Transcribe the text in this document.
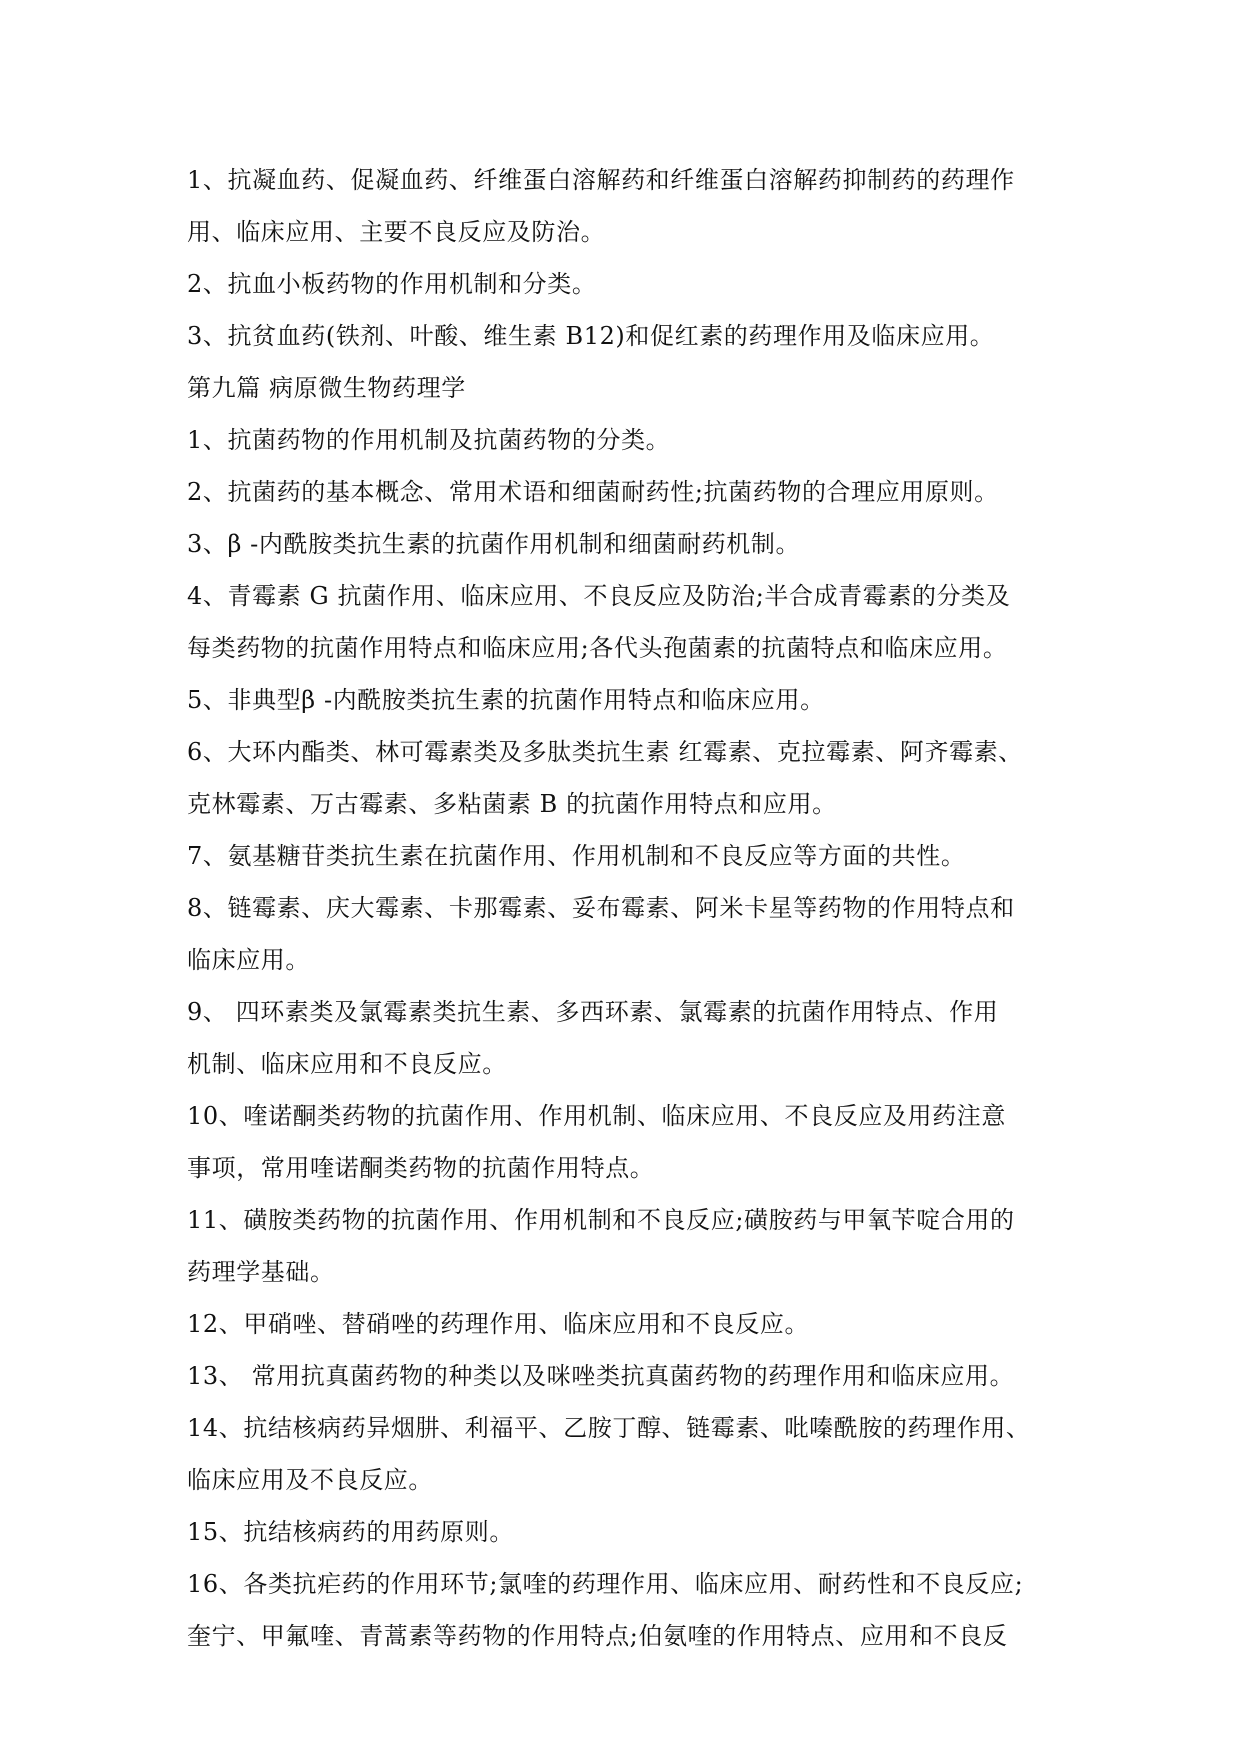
1、抗凝血药、促凝血药、纤维蛋白溶解药和纤维蛋白溶解药抑制药的药理作
用、临床应用、主要不良反应及防治。
2、抗血小板药物的作用机制和分类。
3、抗贫血药(铁剂、叶酸、维生素 B12)和促红素的药理作用及临床应用。
第九篇 病原微生物药理学
1、抗菌药物的作用机制及抗菌药物的分类。
2、抗菌药的基本概念、常用术语和细菌耐药性;抗菌药物的合理应用原则。
3、β -内酰胺类抗生素的抗菌作用机制和细菌耐药机制。
4、青霉素 G 抗菌作用、临床应用、不良反应及防治;半合成青霉素的分类及
每类药物的抗菌作用特点和临床应用;各代头孢菌素的抗菌特点和临床应用。
5、非典型β -内酰胺类抗生素的抗菌作用特点和临床应用。
6、大环内酯类、林可霉素类及多肽类抗生素 红霉素、克拉霉素、阿齐霉素、
克林霉素、万古霉素、多粘菌素 B 的抗菌作用特点和应用。
7、氨基糖苷类抗生素在抗菌作用、作用机制和不良反应等方面的共性。
8、链霉素、庆大霉素、卡那霉素、妥布霉素、阿米卡星等药物的作用特点和
临床应用。
9、 四环素类及氯霉素类抗生素、多西环素、氯霉素的抗菌作用特点、作用
机制、临床应用和不良反应。
10、喹诺酮类药物的抗菌作用、作用机制、临床应用、不良反应及用药注意
事项，常用喹诺酮类药物的抗菌作用特点。
11、磺胺类药物的抗菌作用、作用机制和不良反应;磺胺药与甲氧苄啶合用的
药理学基础。
12、甲硝唑、替硝唑的药理作用、临床应用和不良反应。
13、 常用抗真菌药物的种类以及咪唑类抗真菌药物的药理作用和临床应用。
14、抗结核病药异烟肼、利福平、乙胺丁醇、链霉素、吡嗪酰胺的药理作用、
临床应用及不良反应。
15、抗结核病药的用药原则。
16、各类抗疟药的作用环节;氯喹的药理作用、临床应用、耐药性和不良反应;
奎宁、甲氟喹、青蒿素等药物的作用特点;伯氨喹的作用特点、应用和不良反
